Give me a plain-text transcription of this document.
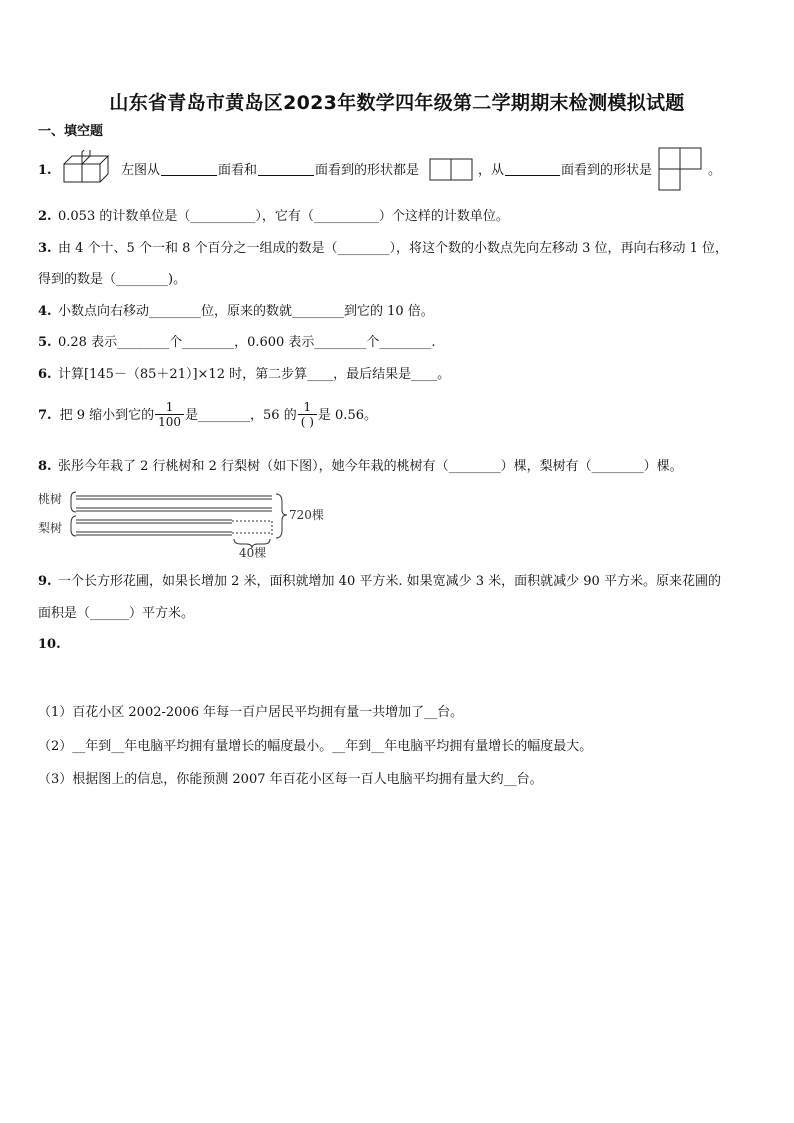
山东省青岛市黄岛区2023年数学四年级第二学期期末检测模拟试题
一、填空题
1.	左图从	面看和	面看到的形状都是	，从	面看到的形状是	。
2. 0.053 的计数单位是（__________），它有（__________）个这样的计数单位。
3. 由 4 个十、5 个一和 8 个百分之一组成的数是（________），将这个数的小数点先向左移动 3 位，再向右移动 1 位，
得到的数是（________)。
4. 小数点向右移动________位，原来的数就________到它的 10 倍。
5. 0.28 表示________个________，0.600 表示________个________.
6. 计算[145－（85＋21）]×12 时，第二步算____，最后结果是____。
7. 把 9 缩小到它的 $\frac{1}{100}$ 是________，56 的 $\frac{1}{( )}$ 是 0.56。
8. 张彤今年栽了 2 行桃树和 2 行梨树（如下图），她今年栽的桃树有（________）棵，梨树有（________）棵。
桃树
梨树
720棵
40棵
9. 一个长方形花圃，如果长增加 2 米，面积就增加 40 平方米. 如果宽减少 3 米，面积就减少 90 平方米。原来花圃的
面积是（______）平方米。
10.
（1）百花小区 2002-2006 年每一百户居民平均拥有量一共增加了__台。
（2）__年到__年电脑平均拥有量增长的幅度最小。__年到__年电脑平均拥有量增长的幅度最大。
（3）根据图上的信息，你能预测 2007 年百花小区每一百人电脑平均拥有量大约__台。
